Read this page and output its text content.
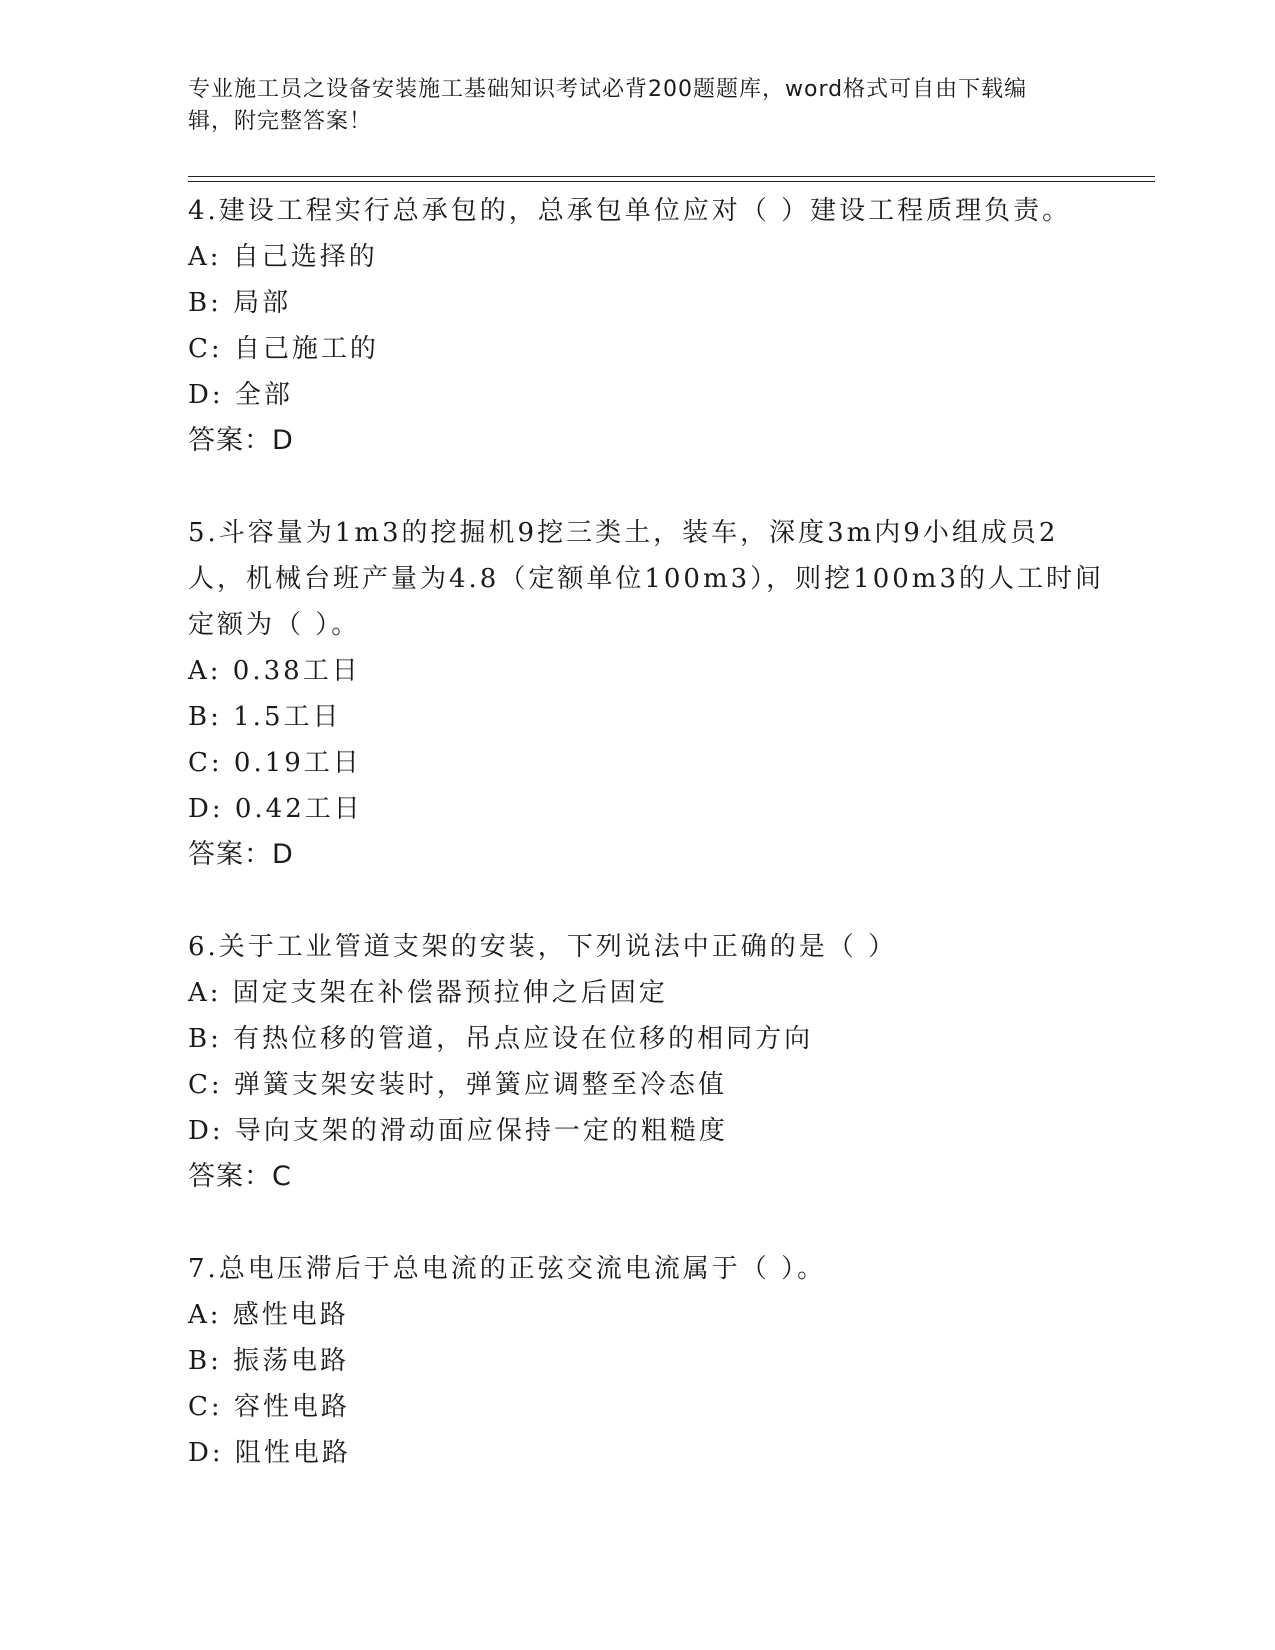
专业施工员之设备安装施工基础知识考试必背200题题库，word格式可自由下载编辑，附完整答案！
4.建设工程实行总承包的，总承包单位应对（ ）建设工程质理负责。
A: 自己选择的
B: 局部
C: 自己施工的
D: 全部
答案：D
5.斗容量为1m3的挖掘机9挖三类土，装车，深度3m内9小组成员2
人，机械台班产量为4.8（定额单位100m3），则挖100m3的人工时间
定额为（ ）。
A: 0.38工日
B: 1.5工日
C: 0.19工日
D: 0.42工日
答案：D
6.关于工业管道支架的安装，下列说法中正确的是（ ）
A: 固定支架在补偿器预拉伸之后固定
B: 有热位移的管道，吊点应设在位移的相同方向
C: 弹簧支架安装时，弹簧应调整至冷态值
D: 导向支架的滑动面应保持一定的粗糙度
答案：C
7.总电压滞后于总电流的正弦交流电流属于（ ）。
A: 感性电路
B: 振荡电路
C: 容性电路
D: 阻性电路
